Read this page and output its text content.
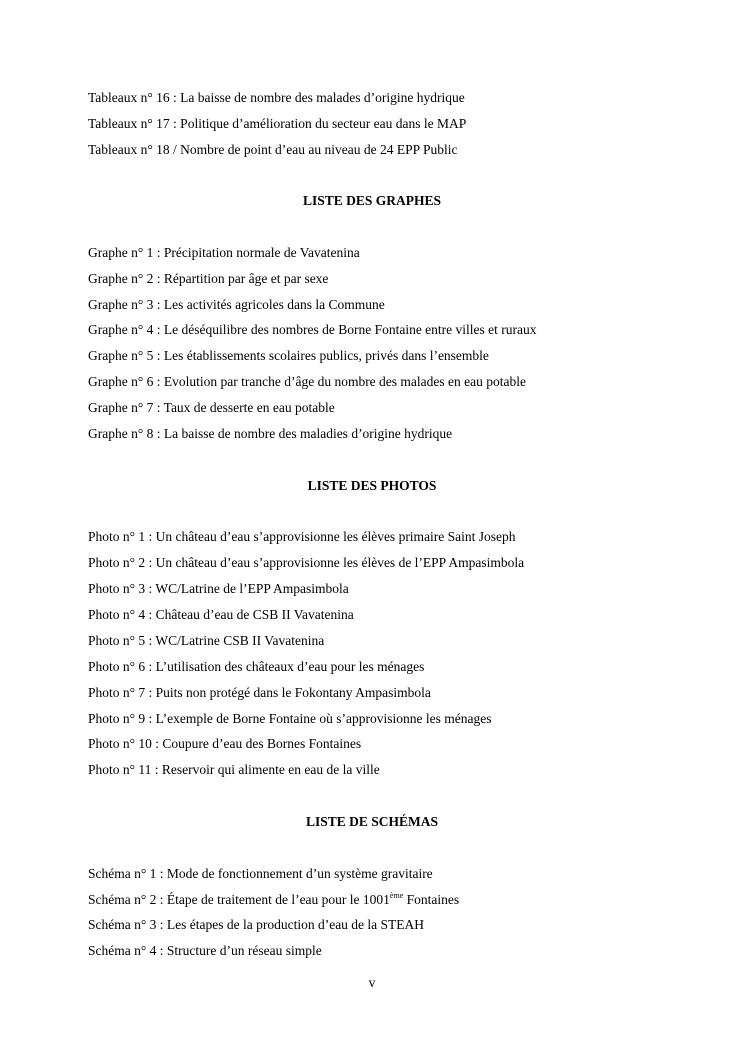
Tableaux n° 16 : La baisse de nombre des malades d’origine hydrique
Tableaux n° 17 : Politique d’amélioration du secteur eau dans le MAP
Tableaux n° 18 / Nombre de point d’eau au niveau de 24 EPP Public
LISTE DES GRAPHES
Graphe n° 1 : Précipitation normale de Vavatenina
Graphe n° 2 : Répartition par âge et par sexe
Graphe n° 3 : Les activités agricoles dans la Commune
Graphe n° 4 : Le déséquilibre des nombres de Borne Fontaine entre villes et ruraux
Graphe n° 5 : Les établissements scolaires publics, privés dans l’ensemble
Graphe n° 6 : Evolution par tranche d’âge du nombre des malades en eau potable
Graphe n° 7 : Taux de desserte en eau potable
Graphe n° 8 : La baisse de nombre des maladies d’origine hydrique
LISTE DES PHOTOS
Photo n° 1 : Un château d’eau s’approvisionne les élèves primaire Saint Joseph
Photo n° 2 : Un château d’eau s’approvisionne les élèves de l’EPP Ampasimbola
Photo n° 3 : WC/Latrine de l’EPP Ampasimbola
Photo n° 4 : Château d’eau de CSB II Vavatenina
Photo n° 5 : WC/Latrine CSB II Vavatenina
Photo n° 6 : L’utilisation des châteaux d’eau pour les ménages
Photo n° 7 : Puits non protégé dans le Fokontany Ampasimbola
Photo n° 9 : L’exemple de Borne Fontaine où s’approvisionne les ménages
Photo n° 10 : Coupure d’eau des Bornes Fontaines
Photo n° 11 : Reservoir qui alimente en eau de la ville
LISTE DE SCHÉMAS
Schéma n° 1 : Mode de fonctionnement d’un système gravitaire
Schéma n° 2 : Étape de traitement de l’eau pour le 1001ème Fontaines
Schéma n° 3 : Les étapes de la production d’eau de la STEAH
Schéma n° 4 : Structure d’un réseau simple
v
